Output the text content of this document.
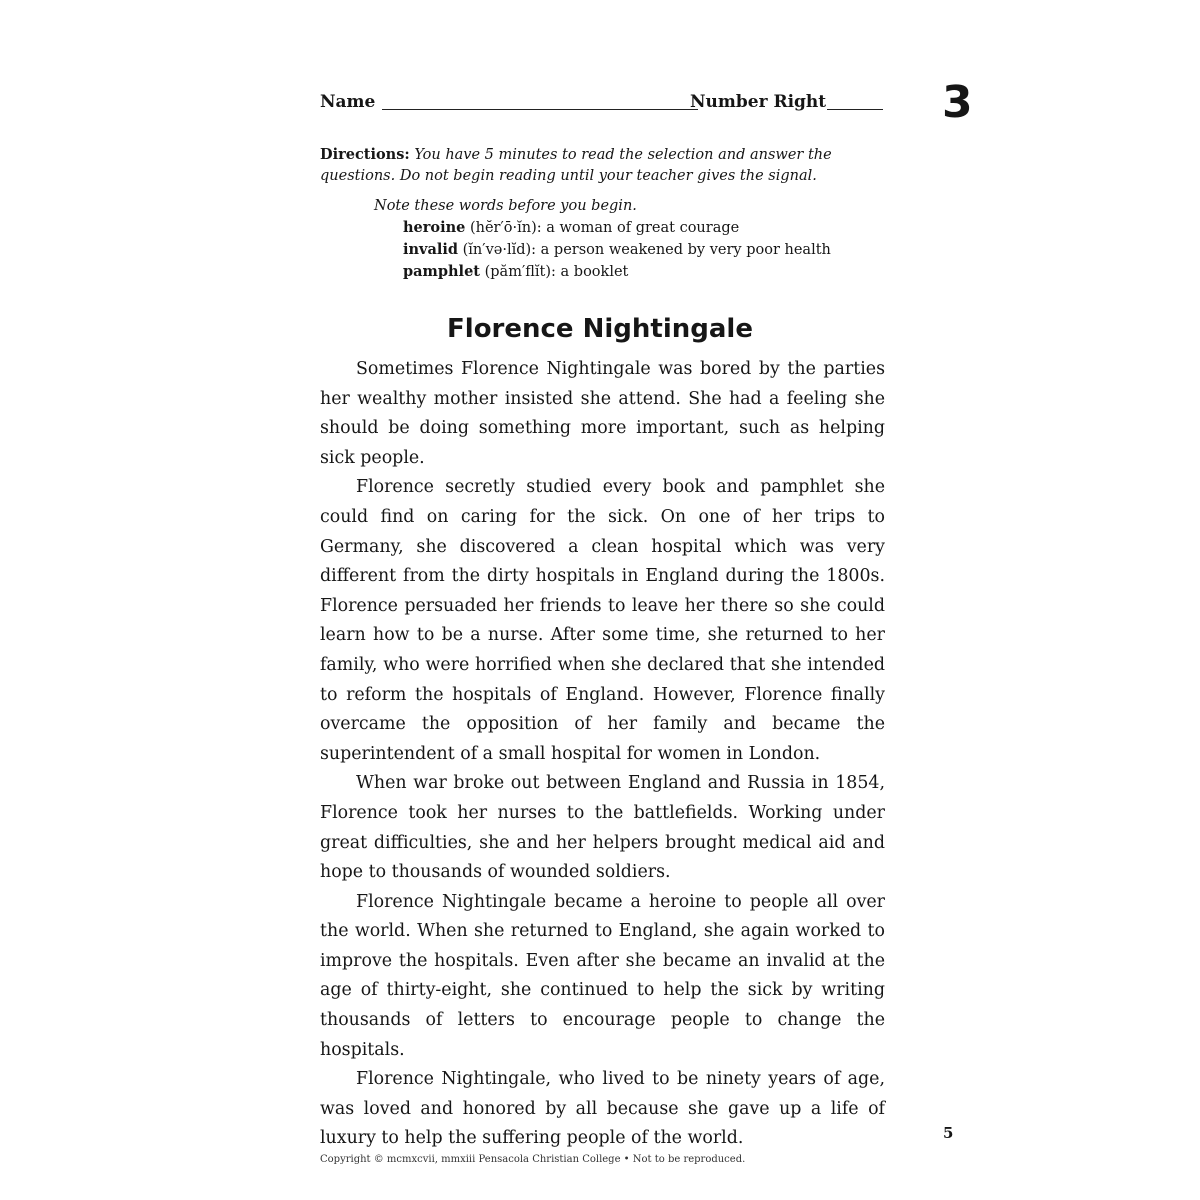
Name	Number Right	3
Directions: You have 5 minutes to read the selection and answer the questions. Do not begin reading until your teacher gives the signal.
Note these words before you begin.
heroine (hĕr′ō·ĭn): a woman of great courage
invalid (ĭn′və·lĭd): a person weakened by very poor health
pamphlet (păm′flĭt): a booklet
Florence Nightingale

Sometimes Florence Nightingale was bored by the parties her wealthy mother insisted she attend. She had a feeling she should be doing something more important, such as helping sick people.

Florence secretly studied every book and pamphlet she could find on caring for the sick. On one of her trips to Germany, she discovered a clean hospital which was very different from the dirty hospitals in England during the 1800s. Florence persuaded her friends to leave her there so she could learn how to be a nurse. After some time, she returned to her family, who were horrified when she declared that she intended to reform the hospitals of England. However, Florence finally overcame the opposition of her family and became the superintendent of a small hospital for women in London.

When war broke out between England and Russia in 1854, Florence took her nurses to the battlefields. Working under great difficulties, she and her helpers brought medical aid and hope to thousands of wounded soldiers.

Florence Nightingale became a heroine to people all over the world. When she returned to England, she again worked to improve the hospitals. Even after she became an invalid at the age of thirty-eight, she continued to help the sick by writing thousands of letters to encourage people to change the hospitals.

Florence Nightingale, who lived to be ninety years of age, was loved and honored by all because she gave up a life of luxury to help the suffering people of the world.	5
Copyright © mcmxcvii, mmxiii Pensacola Christian College • Not to be reproduced.
